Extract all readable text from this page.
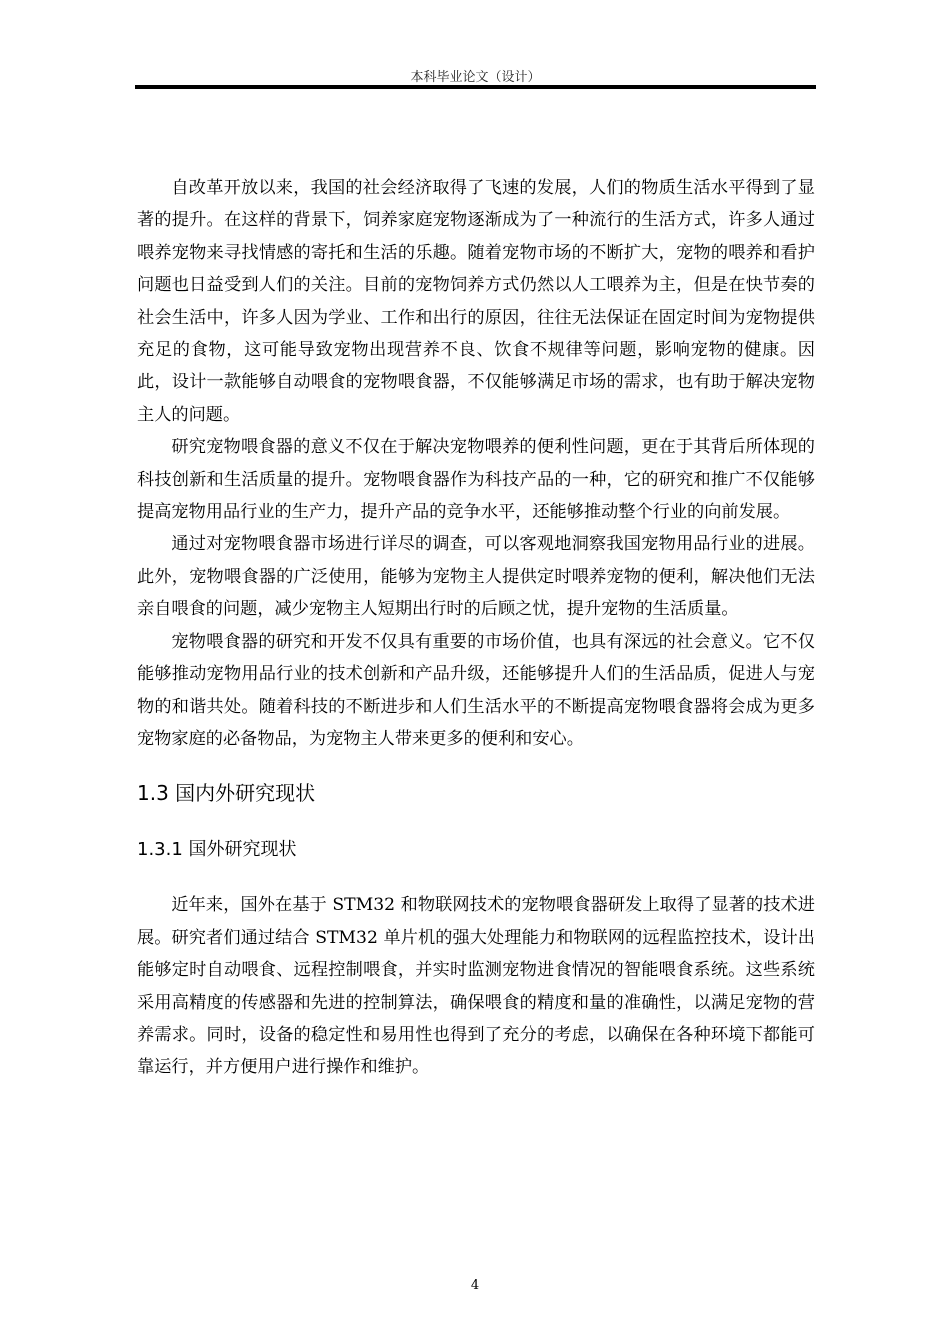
本科毕业论文（设计）

自改革开放以来，我国的社会经济取得了飞速的发展，人们的物质生活水平得到了显著的提升。在这样的背景下，饲养家庭宠物逐渐成为了一种流行的生活方式，许多人通过喂养宠物来寻找情感的寄托和生活的乐趣。随着宠物市场的不断扩大，宠物的喂养和看护问题也日益受到人们的关注。目前的宠物饲养方式仍然以人工喂养为主，但是在快节奏的社会生活中，许多人因为学业、工作和出行的原因，往往无法保证在固定时间为宠物提供充足的食物，这可能导致宠物出现营养不良、饮食不规律等问题，影响宠物的健康。因此，设计一款能够自动喂食的宠物喂食器，不仅能够满足市场的需求，也有助于解决宠物主人的问题。

研究宠物喂食器的意义不仅在于解决宠物喂养的便利性问题，更在于其背后所体现的科技创新和生活质量的提升。宠物喂食器作为科技产品的一种，它的研究和推广不仅能够提高宠物用品行业的生产力，提升产品的竞争水平，还能够推动整个行业的向前发展。

通过对宠物喂食器市场进行详尽的调查，可以客观地洞察我国宠物用品行业的进展。此外，宠物喂食器的广泛使用，能够为宠物主人提供定时喂养宠物的便利，解决他们无法亲自喂食的问题，减少宠物主人短期出行时的后顾之忧，提升宠物的生活质量。

宠物喂食器的研究和开发不仅具有重要的市场价值，也具有深远的社会意义。它不仅能够推动宠物用品行业的技术创新和产品升级，还能够提升人们的生活品质，促进人与宠物的和谐共处。随着科技的不断进步和人们生活水平的不断提高宠物喂食器将会成为更多宠物家庭的必备物品，为宠物主人带来更多的便利和安心。

1.3 国内外研究现状
1.3.1 国外研究现状

近年来，国外在基于 STM32 和物联网技术的宠物喂食器研发上取得了显著的技术进展。研究者们通过结合 STM32 单片机的强大处理能力和物联网的远程监控技术，设计出能够定时自动喂食、远程控制喂食，并实时监测宠物进食情况的智能喂食系统。这些系统采用高精度的传感器和先进的控制算法，确保喂食的精度和量的准确性，以满足宠物的营养需求。同时，设备的稳定性和易用性也得到了充分的考虑，以确保在各种环境下都能可靠运行，并方便用户进行操作和维护。

4
